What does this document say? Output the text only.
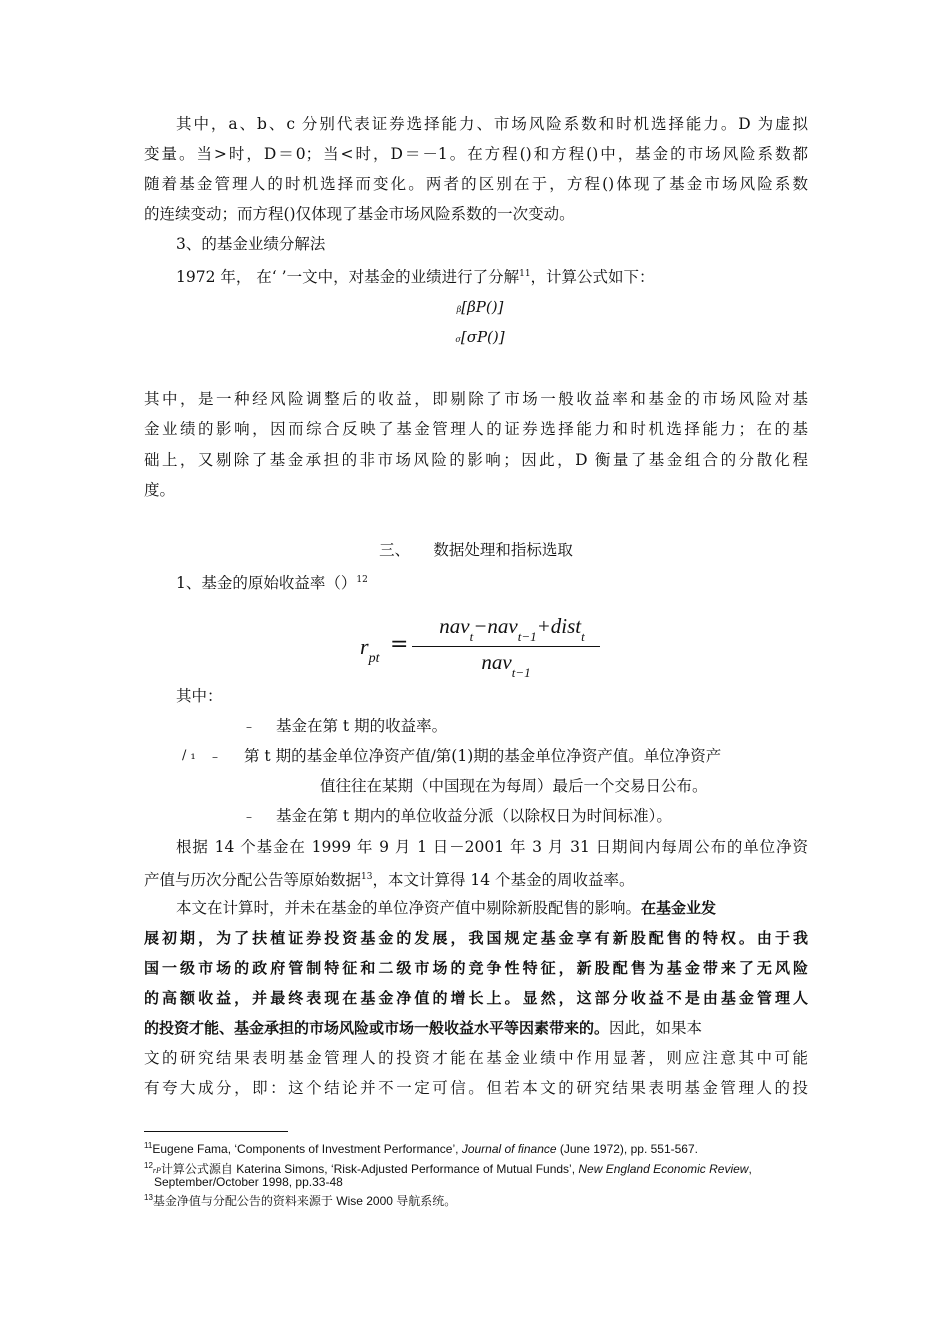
其中，a、b、c 分别代表证券选择能力、市场风险系数和时机选择能力。D 为虚拟
变量。当>时，D＝0；当<时，D＝－1。在方程()和方程()中，基金的市场风险系数都
随着基金管理人的时机选择而变化。两者的区别在于，方程()体现了基金市场风险系数
的连续变动；而方程()仅体现了基金市场风险系数的一次变动。
3、的基金业绩分解法
1972 年， 在‘ ’一文中，对基金的业绩进行了分解$^{11}$，计算公式如下：
β[βP()]
σ[σP()]
其中，是一种经风险调整后的收益，即剔除了市场一般收益率和基金的市场风险对基
金业绩的影响，因而综合反映了基金管理人的证券选择能力和时机选择能力；在的基
础上，又剔除了基金承担的非市场风险的影响；因此，D 衡量了基金组合的分散化程
度。
三、　　数据处理和指标选取
1、基金的原始收益率（）$^{12}$
$r_{pt}$
=
nav$_t$−nav$_{t-1}$+dist$_t$
nav$_{t-1}$
其中：
– 基金在第 t 期的收益率。
/ ₁ – 第 t 期的基金单位净资产值/第(1)期的基金单位净资产值。单位净资产
值往往在某期（中国现在为每周）最后一个交易日公布。
– 基金在第 t 期内的单位收益分派（以除权日为时间标准）。
根据 14 个基金在 1999 年 9 月 1 日－2001 年 3 月 31 日期间内每周公布的单位净资
产值与历次分配公告等原始数据$^{13}$，本文计算得 14 个基金的周收益率。
本文在计算时，并未在基金的单位净资产值中剔除新股配售的影响。在基金业发
展初期，为了扶植证券投资基金的发展，我国规定基金享有新股配售的特权。由于我
国一级市场的政府管制特征和二级市场的竞争性特征，新股配售为基金带来了无风险
的高额收益，并最终表现在基金净值的增长上。显然，这部分收益不是由基金管理人
的投资才能、基金承担的市场风险或市场一般收益水平等因素带来的。因此，如果本
文的研究结果表明基金管理人的投资才能在基金业绩中作用显著，则应注意其中可能
有夸大成分，即：这个结论并不一定可信。但若本文的研究结果表明基金管理人的投
$^{11}$Eugene Fama, ‘Components of Investment Performance’, Journal of finance (June 1972), pp. 551-567.
$^{12}$rP计算公式源自 Katerina Simons, ‘Risk-Adjusted Performance of Mutual Funds’, New England Economic Review,
September/October 1998, pp.33-48
$^{13}$基金净值与分配公告的资料来源于 Wise 2000 导航系统。
